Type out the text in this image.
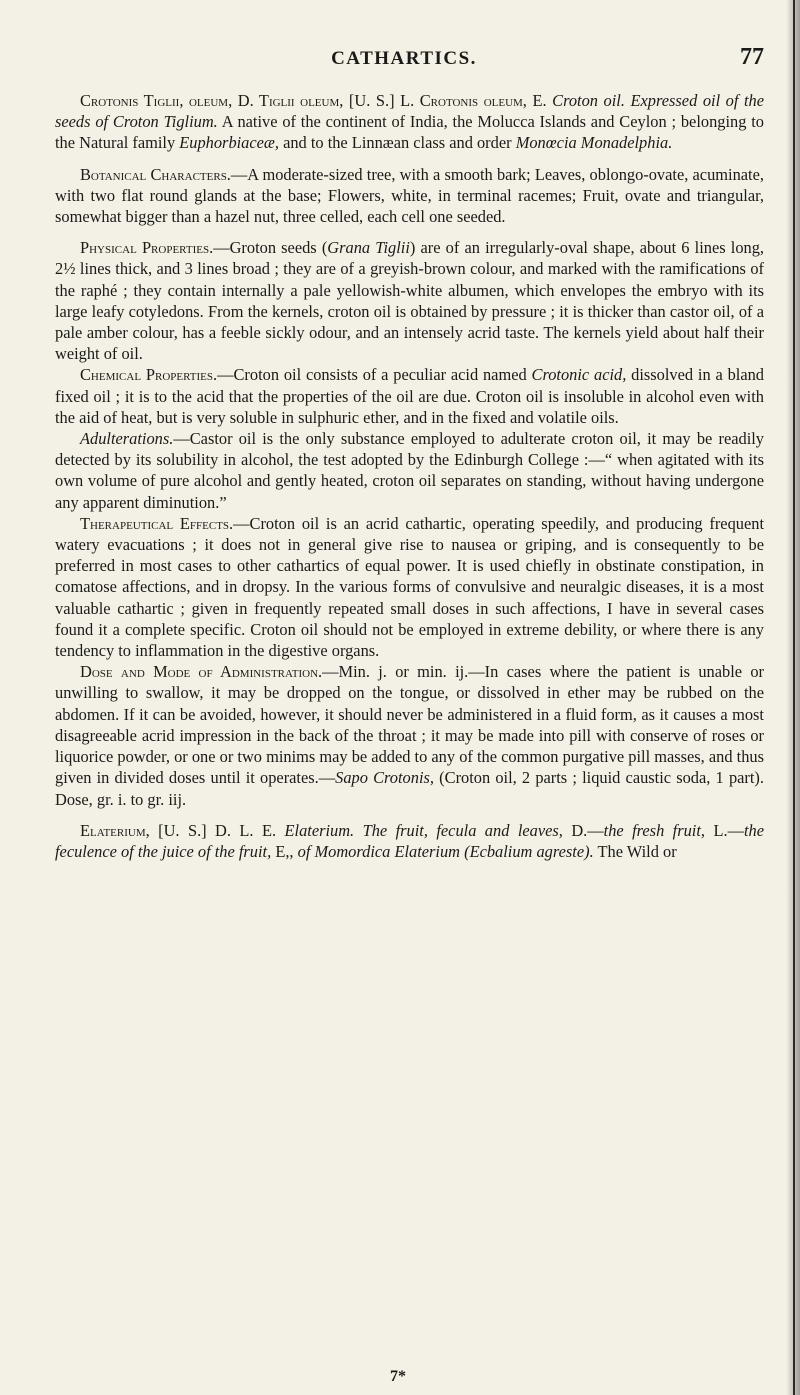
CATHARTICS.	77

Crotonis Tiglii, oleum, D. Tiglii oleum, [U. S.] L. Crotonis oleum, E. Croton oil. Expressed oil of the seeds of Croton Tiglium. A native of the continent of India, the Molucca Islands and Ceylon ; belonging to the Natural family Euphorbiaceæ, and to the Linnæan class and order Monœcia Monadelphia.

Botanical Characters.—A moderate-sized tree, with a smooth bark; Leaves, oblongo-ovate, acuminate, with two flat round glands at the base; Flowers, white, in terminal racemes; Fruit, ovate and triangular, somewhat bigger than a hazel nut, three celled, each cell one seeded.

Physical Properties.—Groton seeds (Grana Tiglii) are of an irregularly-oval shape, about 6 lines long, 2½ lines thick, and 3 lines broad ; they are of a greyish-brown colour, and marked with the ramifications of the raphé ; they contain internally a pale yellowish-white albumen, which envelopes the embryo with its large leafy cotyledons. From the kernels, croton oil is obtained by pressure ; it is thicker than castor oil, of a pale amber colour, has a feeble sickly odour, and an intensely acrid taste. The kernels yield about half their weight of oil.

Chemical Properties.—Croton oil consists of a peculiar acid named Crotonic acid, dissolved in a bland fixed oil ; it is to the acid that the properties of the oil are due. Croton oil is insoluble in alcohol even with the aid of heat, but is very soluble in sulphuric ether, and in the fixed and volatile oils.

Adulterations.—Castor oil is the only substance employed to adulterate croton oil, it may be readily detected by its solubility in alcohol, the test adopted by the Edinburgh College :—“ when agitated with its own volume of pure alcohol and gently heated, croton oil separates on standing, without having undergone any apparent diminution.”

Therapeutical Effects.—Croton oil is an acrid cathartic, operating speedily, and producing frequent watery evacuations ; it does not in general give rise to nausea or griping, and is consequently to be preferred in most cases to other cathartics of equal power. It is used chiefly in obstinate constipation, in comatose affections, and in dropsy. In the various forms of convulsive and neuralgic diseases, it is a most valuable cathartic ; given in frequently repeated small doses in such affections, I have in several cases found it a complete specific. Croton oil should not be employed in extreme debility, or where there is any tendency to inflammation in the digestive organs.

Dose and Mode of Administration.—Min. j. or min. ij.—In cases where the patient is unable or unwilling to swallow, it may be dropped on the tongue, or dissolved in ether may be rubbed on the abdomen. If it can be avoided, however, it should never be administered in a fluid form, as it causes a most disagreeable acrid impression in the back of the throat ; it may be made into pill with conserve of roses or liquorice powder, or one or two minims may be added to any of the common purgative pill masses, and thus given in divided doses until it operates.—Sapo Crotonis, (Croton oil, 2 parts ; liquid caustic soda, 1 part). Dose, gr. i. to gr. iij.

Elaterium, [U. S.] D. L. E. Elaterium. The fruit, fecula and leaves, D.—the fresh fruit, L.—the feculence of the juice of the fruit, E,, of Momordica Elaterium (Ecbalium agreste). The Wild or

7*
